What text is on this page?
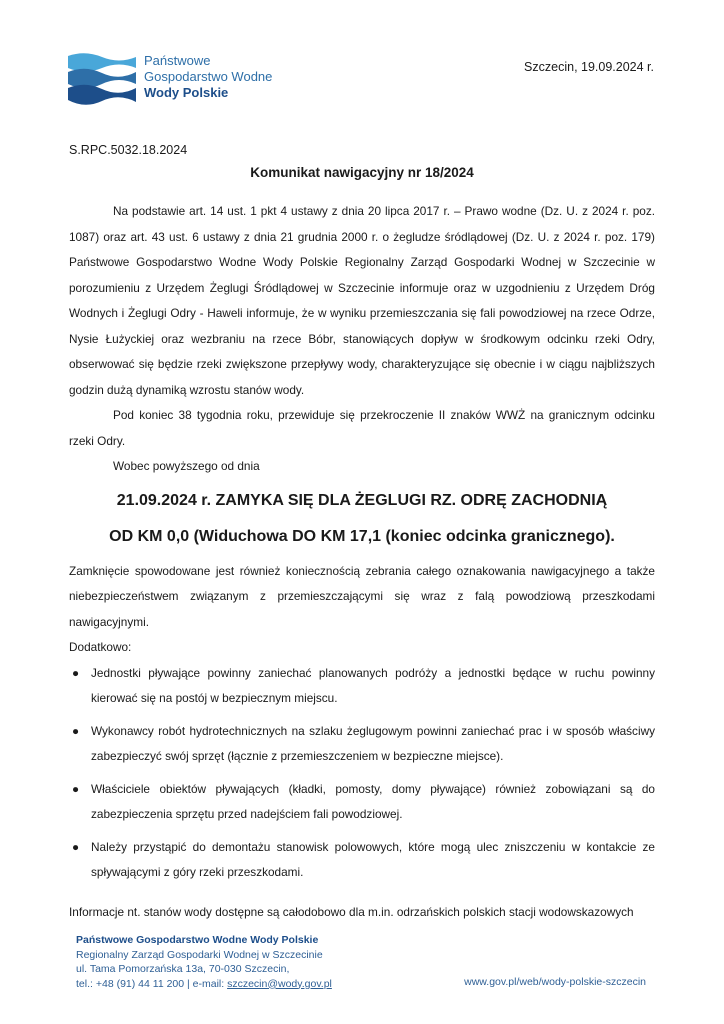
Państwowe
Gospodarstwo Wodne
Wody Polskie
Szczecin, 19.09.2024 r.
S.RPC.5032.18.2024
Komunikat nawigacyjny nr 18/2024

Na podstawie art. 14 ust. 1 pkt 4 ustawy z dnia 20 lipca 2017 r. – Prawo wodne (Dz. U. z 2024 r. poz. 1087) oraz art. 43 ust. 6 ustawy z dnia 21 grudnia 2000 r. o żegludze śródlądowej (Dz. U. z 2024 r. poz. 179) Państwowe Gospodarstwo Wodne Wody Polskie Regionalny Zarząd Gospodarki Wodnej w Szczecinie w porozumieniu z Urzędem Żeglugi Śródlądowej w Szczecinie informuje oraz w uzgodnieniu z Urzędem Dróg Wodnych i Żeglugi Odry - Haweli informuje, że w wyniku przemieszczania się fali powodziowej na rzece Odrze, Nysie Łużyckiej oraz wezbraniu na rzece Bóbr, stanowiących dopływ w środkowym odcinku rzeki Odry, obserwować się będzie rzeki zwiększone przepływy wody, charakteryzujące się obecnie i w ciągu najbliższych godzin dużą dynamiką wzrostu stanów wody.

Pod koniec 38 tygodnia roku, przewiduje się przekroczenie II znaków WWŻ na granicznym odcinku rzeki Odry.

Wobec powyższego od dnia

21.09.2024 r. ZAMYKA SIĘ DLA ŻEGLUGI RZ. ODRĘ ZACHODNIĄ

OD KM 0,0 (Widuchowa DO KM 17,1 (koniec odcinka granicznego).

Zamknięcie spowodowane jest również koniecznością zebrania całego oznakowania nawigacyjnego a także niebezpieczeństwem związanym z przemieszczającymi się wraz z falą powodziową przeszkodami nawigacyjnymi.

Dodatkowo:

● Jednostki pływające powinny zaniechać planowanych podróży a jednostki będące w ruchu powinny kierować się na postój w bezpiecznym miejscu.
● Wykonawcy robót hydrotechnicznych na szlaku żeglugowym powinni zaniechać prac i w sposób właściwy zabezpieczyć swój sprzęt (łącznie z przemieszczeniem w bezpieczne miejsce).
● Właściciele obiektów pływających (kładki, pomosty, domy pływające) również zobowiązani są do zabezpieczenia sprzętu przed nadejściem fali powodziowej.
● Należy przystąpić do demontażu stanowisk polowowych, które mogą ulec zniszczeniu w kontakcie ze spływającymi z góry rzeki przeszkodami.

Informacje nt. stanów wody dostępne są całodobowo dla m.in. odrzańskich polskich stacji wodowskazowych

Państwowe Gospodarstwo Wodne Wody Polskie
Regionalny Zarząd Gospodarki Wodnej w Szczecinie
ul. Tama Pomorzańska 13a, 70-030 Szczecin,
tel.: +48 (91) 44 11 200 | e-mail: szczecin@wody.gov.pl	www.gov.pl/web/wody-polskie-szczecin
